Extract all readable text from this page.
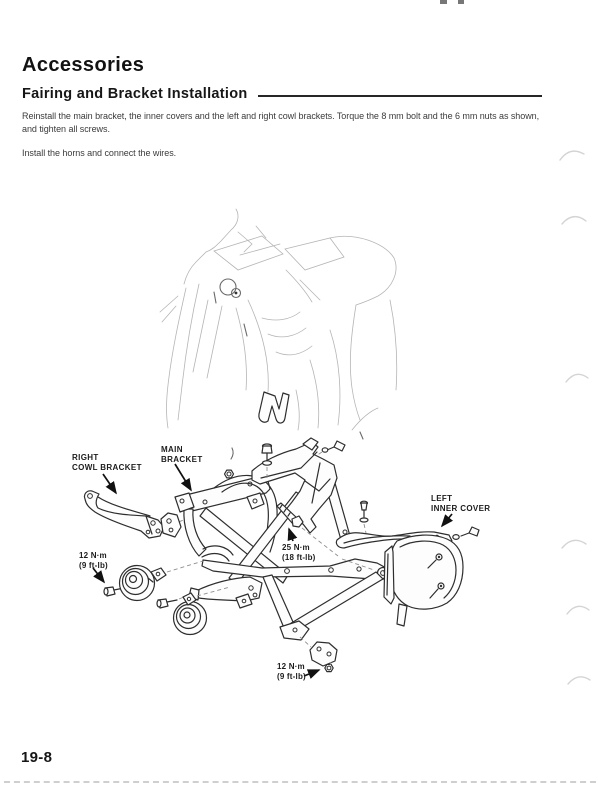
Accessories
Fairing and Bracket Installation
Reinstall the main bracket, the inner covers and the left and right cowl brackets. Torque the 8 mm bolt and the 6 mm nuts as shown, and tighten all screws.
Install the horns and connect the wires.
RIGHT
COWL BRACKET
MAIN
BRACKET
12 N·m
(9 ft-lb)
25 N·m
(18 ft-lb)
LEFT
INNER COVER
12 N·m
(9 ft-lb)
19-8
